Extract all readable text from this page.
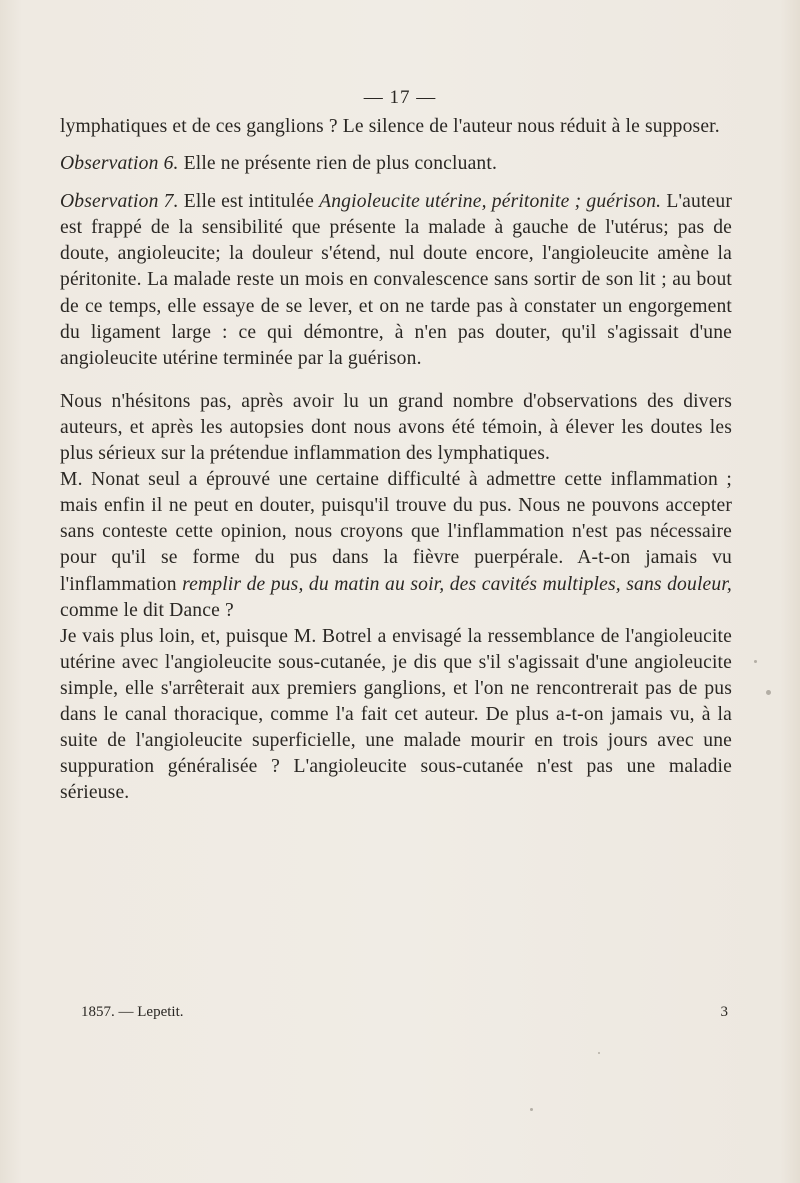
— 17 —

lymphatiques et de ces ganglions ? Le silence de l'auteur nous réduit à le supposer.

Observation 6. Elle ne présente rien de plus concluant.

Observation 7. Elle est intitulée Angioleucite utérine, péritonite ; guérison. L'auteur est frappé de la sensibilité que présente la malade à gauche de l'utérus; pas de doute, angioleucite; la douleur s'étend, nul doute encore, l'angioleucite amène la péritonite. La malade reste un mois en convalescence sans sortir de son lit ; au bout de ce temps, elle essaye de se lever, et on ne tarde pas à constater un engorgement du ligament large : ce qui démontre, à n'en pas douter, qu'il s'agissait d'une angioleucite utérine terminée par la guérison.

Nous n'hésitons pas, après avoir lu un grand nombre d'observations des divers auteurs, et après les autopsies dont nous avons été témoin, à élever les doutes les plus sérieux sur la prétendue inflammation des lymphatiques.

M. Nonat seul a éprouvé une certaine difficulté à admettre cette inflammation ; mais enfin il ne peut en douter, puisqu'il trouve du pus. Nous ne pouvons accepter sans conteste cette opinion, nous croyons que l'inflammation n'est pas nécessaire pour qu'il se forme du pus dans la fièvre puerpérale. A-t-on jamais vu l'inflammation remplir de pus, du matin au soir, des cavités multiples, sans douleur, comme le dit Dance ?

Je vais plus loin, et, puisque M. Botrel a envisagé la ressemblance de l'angioleucite utérine avec l'angioleucite sous-cutanée, je dis que s'il s'agissait d'une angioleucite simple, elle s'arrêterait aux premiers ganglions, et l'on ne rencontrerait pas de pus dans le canal thoracique, comme l'a fait cet auteur. De plus a-t-on jamais vu, à la suite de l'angioleucite superficielle, une malade mourir en trois jours avec une suppuration généralisée ? L'angioleucite sous-cutanée n'est pas une maladie sérieuse.

1857. — Lepetit.	3
